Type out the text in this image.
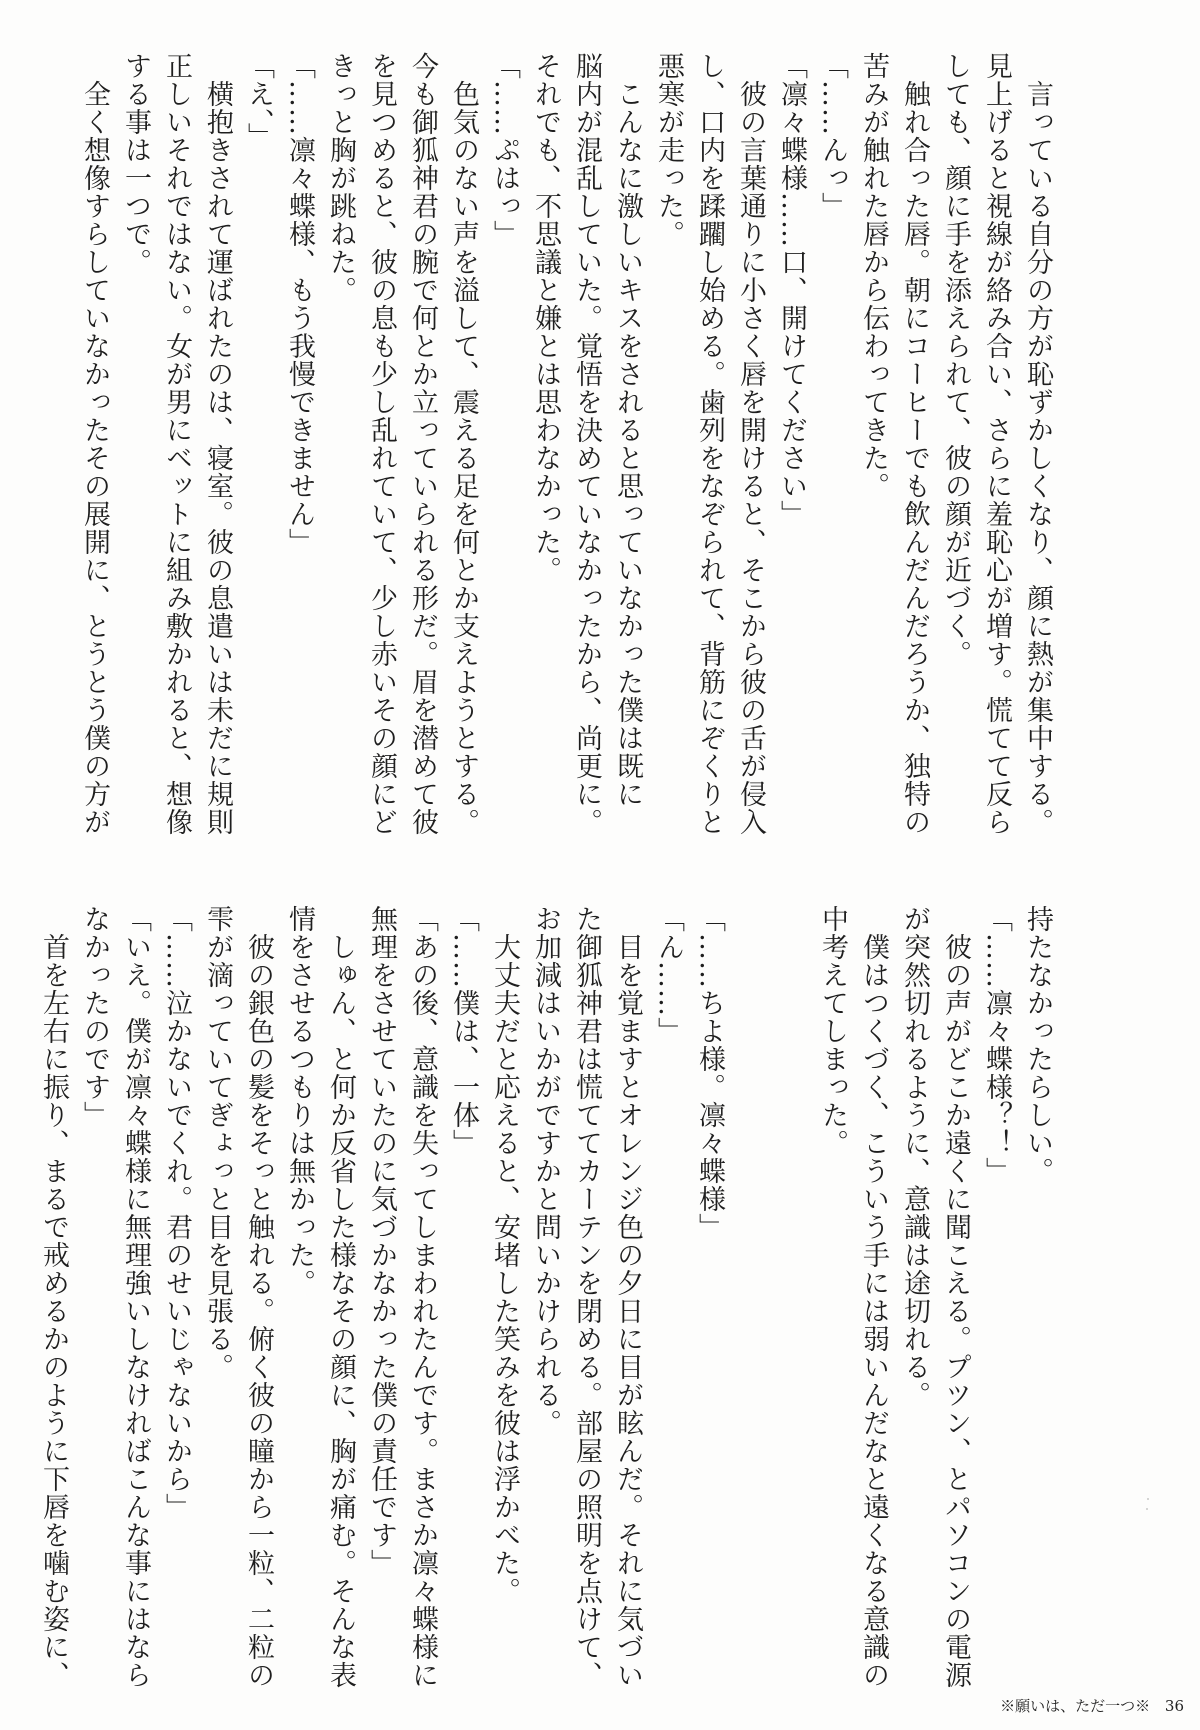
　言っている自分の方が恥ずかしくなり、顔に熱が集中する。
見上げると視線が絡み合い、さらに羞恥心が増す。慌てて反ら
しても、顔に手を添えられて、彼の顔が近づく。
　触れ合った唇。朝にコーヒーでも飲んだんだろうか、独特の
苦みが触れた唇から伝わってきた。
「……んっ」
「凛々蝶様……口、開けてください」
　彼の言葉通りに小さく唇を開けると、そこから彼の舌が侵入
し、口内を蹂躙し始める。歯列をなぞられて、背筋にぞくりと
悪寒が走った。
　こんなに激しいキスをされると思っていなかった僕は既に
脳内が混乱していた。覚悟を決めていなかったから、尚更に。
それでも、不思議と嫌とは思わなかった。
「……ぷはっ」
　色気のない声を溢して、震える足を何とか支えようとする。
今も御狐神君の腕で何とか立っていられる形だ。眉を潜めて彼
を見つめると、彼の息も少し乱れていて、少し赤いその顔にど
きっと胸が跳ねた。
「……凛々蝶様、もう我慢できません」
「え、」
　横抱きされて運ばれたのは、寝室。彼の息遣いは未だに規則
正しいそれではない。女が男にベットに組み敷かれると、想像
する事は一つで。
　全く想像すらしていなかったその展開に、とうとう僕の方が
持たなかったらしい。
「……凛々蝶様？！」
　彼の声がどこか遠くに聞こえる。プツン、とパソコンの電源
が突然切れるように、意識は途切れる。
　僕はつくづく、こういう手には弱いんだなと遠くなる意識の
中考えてしまった。

「……ちよ様。凛々蝶様」
「ん……」
　目を覚ますとオレンジ色の夕日に目が眩んだ。それに気づい
た御狐神君は慌ててカーテンを閉める。部屋の照明を点けて、
お加減はいかがですかと問いかけられる。
　大丈夫だと応えると、安堵した笑みを彼は浮かべた。
「……僕は、一体」
「あの後、意識を失ってしまわれたんです。まさか凛々蝶様に
無理をさせていたのに気づかなかった僕の責任です」
　しゅん、と何か反省した様なその顔に、胸が痛む。そんな表
情をさせるつもりは無かった。
　彼の銀色の髪をそっと触れる。俯く彼の瞳から一粒、二粒の
雫が滴っていてぎょっと目を見張る。
「……泣かないでくれ。君のせいじゃないから」
「いえ。僕が凛々蝶様に無理強いしなければこんな事にはなら
なかったのです」
　首を左右に振り、まるで戒めるかのように下唇を噛む姿に、
※願いは、ただ一つ※ 36
